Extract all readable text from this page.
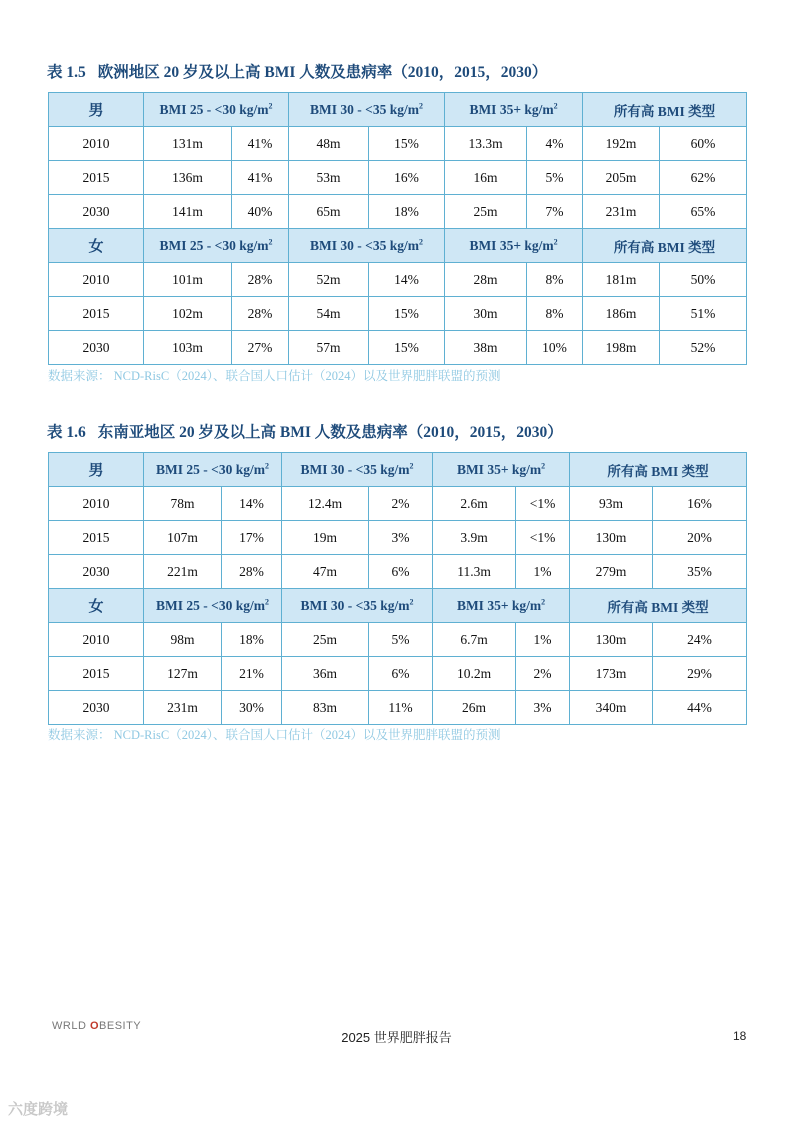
表 1.5 欧洲地区 20 岁及以上高 BMI 人数及患病率（2010，2015，2030）
男	BMI 25 - <30 $kg/m^2$		BMI 30 - <35 $kg/m^2$		BMI $35+ kg/m^2$		所有高 BMI 类型	
2010	131m	41%	48m	15%	13.3m	4%	192m	60%
2015	136m	41%	53m	16%	16m	5%	205m	62%
2030	141m	40%	65m	18%	25m	7%	231m	65%
女	BMI 25 - <30 $kg/m^2$		BMI 30 - <35 $kg/m^2$		BMI $35+ kg/m^2$		所有高 BMI 类型	
2010	101m	28%	52m	14%	28m	8%	181m	50%
2015	102m	28%	54m	15%	30m	8%	186m	51%
2030	103m	27%	57m	15%	38m	10%	198m	52%
数据来源： NCD-RisC（2024）、联合国人口估计（2024）以及世界肥胖联盟的预测
表 1.6 东南亚地区 20 岁及以上高 BMI 人数及患病率（2010，2015，2030）
男	BMI 25 - <30 $kg/m^2$		BMI 30 - <35 $kg/m^2$		BMI $35+ kg/m^2$		所有高 BMI 类型	
2010	78m	14%	12.4m	2%	2.6m	<1%	93m	16%
2015	107m	17%	19m	3%	3.9m	<1%	130m	20%
2030	221m	28%	47m	6%	11.3m	1%	279m	35%
女	BMI 25 - <30 $kg/m^2$		BMI 30 - <35 $kg/m^2$		BMI $35+ kg/m^2$		所有高 BMI 类型	
2010	98m	18%	25m	5%	6.7m	1%	130m	24%
2015	127m	21%	36m	6%	10.2m	2%	173m	29%
2030	231m	30%	83m	11%	26m	3%	340m	44%
数据来源： NCD-RisC（2024）、联合国人口估计（2024）以及世界肥胖联盟的预测
WRLD OBESITY
2025 世界肥胖报告	18
六度跨境
